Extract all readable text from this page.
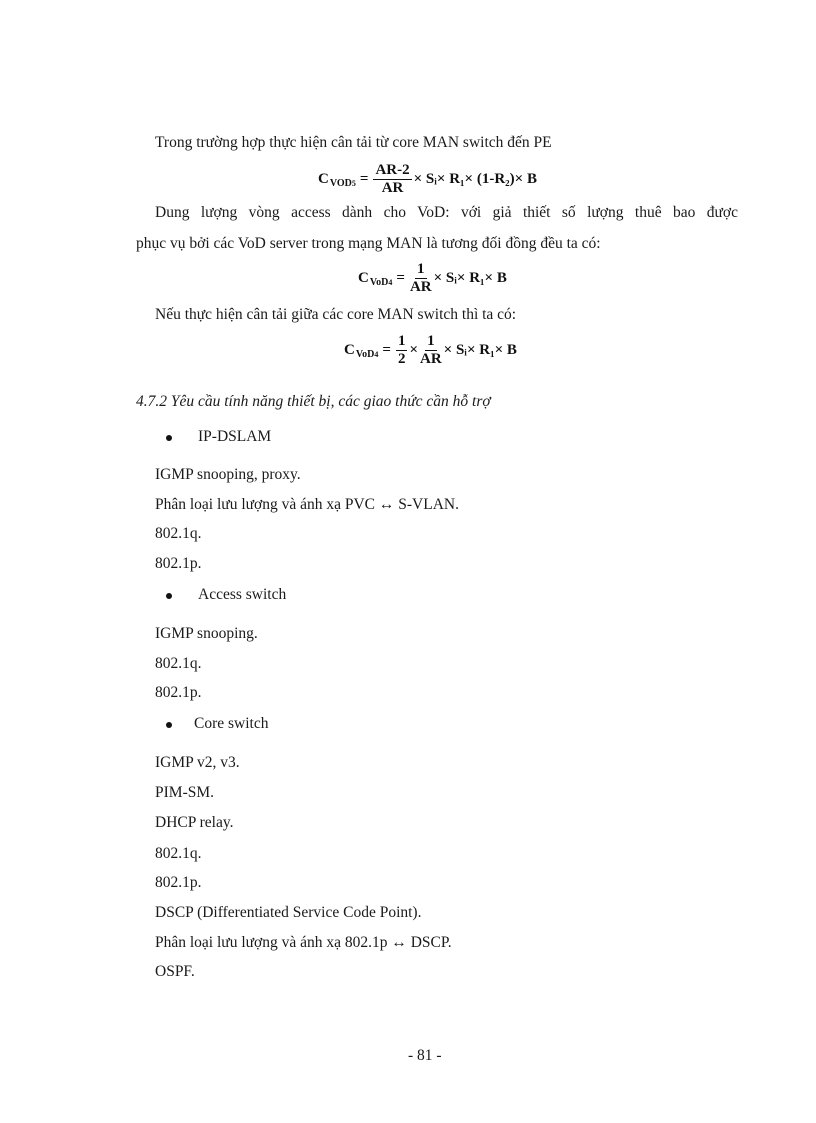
Trong trường hợp thực hiện cân tải từ core MAN switch đến PE
C $VOD5 = \frac{AR-2}{AR}$ × Sᵢ× R₁× (1-R₂)× B
Dung lượng vòng access dành cho VoD: với giả thiết số lượng thuê bao được
phục vụ bởi các VoD server trong mạng MAN là tương đối đồng đều ta có:
C $VoD4 = \frac{1}{AR}$ × Sᵢ× R₁× B
Nếu thực hiện cân tải giữa các core MAN switch thì ta có:
C $VoD4 = \frac{1}{2} \times \frac{1}{AR}$ × Sᵢ× R₁× B
4.7.2 Yêu cầu tính năng thiết bị, các giao thức cần hỗ trợ
IP-DSLAM
IGMP snooping, proxy.
Phân loại lưu lượng và ánh xạ PVC ↔ S-VLAN.
802.1q.
802.1p.
Access switch
IGMP snooping.
802.1q.
802.1p.
Core switch
IGMP v2, v3.
PIM-SM.
DHCP relay.
802.1q.
802.1p.
DSCP (Differentiated Service Code Point).
Phân loại lưu lượng và ánh xạ 802.1p ↔ DSCP.
OSPF.
- 81 -
